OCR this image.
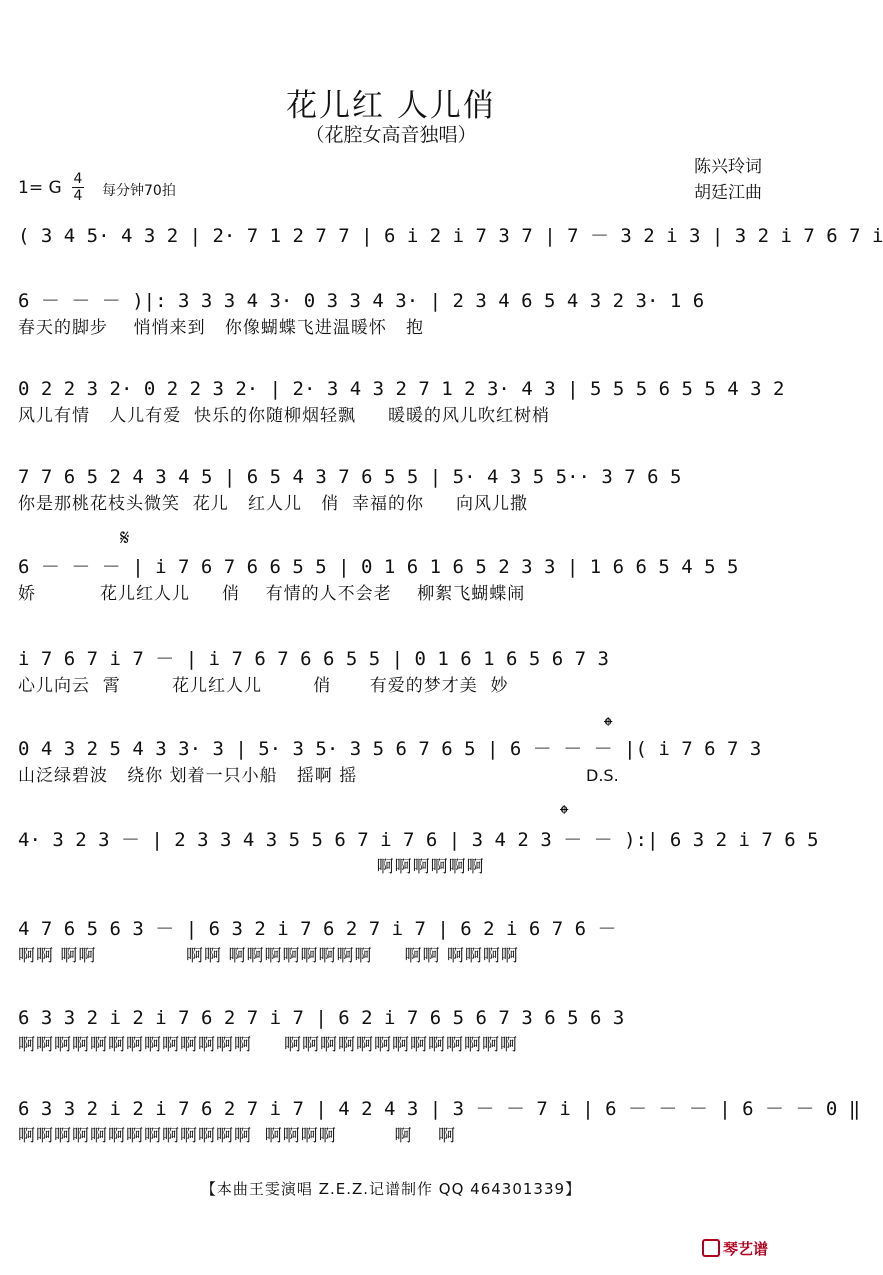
花儿红 人儿俏
（花腔女高音独唱）
陈兴玲词
胡廷江曲
1= G 4
4 每分钟70拍
( 3 4 5· 4 3 2 | 2· 7 1 2 7 7 | 6 i 2 i 7 3 7 | 7 － 3 2 i 3 | 3 2 i 7 6 7 i
6 － － － )|: 3 3 3 4 3· 0 3 3 4 3· | 2 3 4 6 5 4 3 2 3· 1 6
春天的脚步    悄悄来到   你像蝴蝶飞进温暖怀   抱
0 2 2 3 2· 0 2 2 3 2· | 2· 3 4 3 2 7 1 2 3· 4 3 | 5 5 5 6 5 5 4 3 2
风儿有情   人儿有爱  快乐的你随柳烟轻飘     暖暖的风儿吹红树梢
7 7 6 5 2 4 3 4 5 | 6 5 4 3 7 6 5 5 | 5· 4 3 5 5·· 3 7 6 5
你是那桃花枝头微笑  花儿   红人儿   俏  幸福的你     向风儿撒
𝄋
6 － － － | i 7 6 7 6 6 5 5 | 0 1 6 1 6 5 2 3 3 | 1 6 6 5 4 5 5
娇          花儿红人儿     俏    有情的人不会老    柳絮飞蝴蝶闹
i 7 6 7 i 7 － | i 7 6 7 6 6 5 5 | 0 1 6 1 6 5 6 7 3
心儿向云  霄        花儿红人儿        俏      有爱的梦才美  妙
𝄌
0 4 3 2 5 4 3 3· 3 | 5· 3 5· 3 5 6 7 6 5 | 6 － － － |( i 7 6 7 3
山泛绿碧波   绕你 划着一只小船   摇啊 摇	D.S.
𝄌
4· 3 2 3 － | 2 3 3 4 3 5 5 6 7 i 7 6 | 3 4 2 3 － － ):| 6 3 2 i 7 6 5
啊啊啊啊啊啊
4 7 6 5 6 3 － | 6 3 2 i 7 6 2 7 i 7 | 6 2 i 6 7 6 －
啊啊 啊啊              啊啊 啊啊啊啊啊啊啊啊     啊啊 啊啊啊啊
6 3 3 2 i 2 i 7 6 2 7 i 7 | 6 2 i 7 6 5 6 7 3 6 5 6 3
啊啊啊啊啊啊啊啊啊啊啊啊啊     啊啊啊啊啊啊啊啊啊啊啊啊啊
6 3 3 2 i 2 i 7 6 2 7 i 7 | 4 2 4 3 | 3 － － 7 i | 6 － － － | 6 － － 0 ‖
啊啊啊啊啊啊啊啊啊啊啊啊啊  啊啊啊啊         啊    啊
【本曲王雯演唱 Z.E.Z.记谱制作 QQ 464301339】
琴艺谱
